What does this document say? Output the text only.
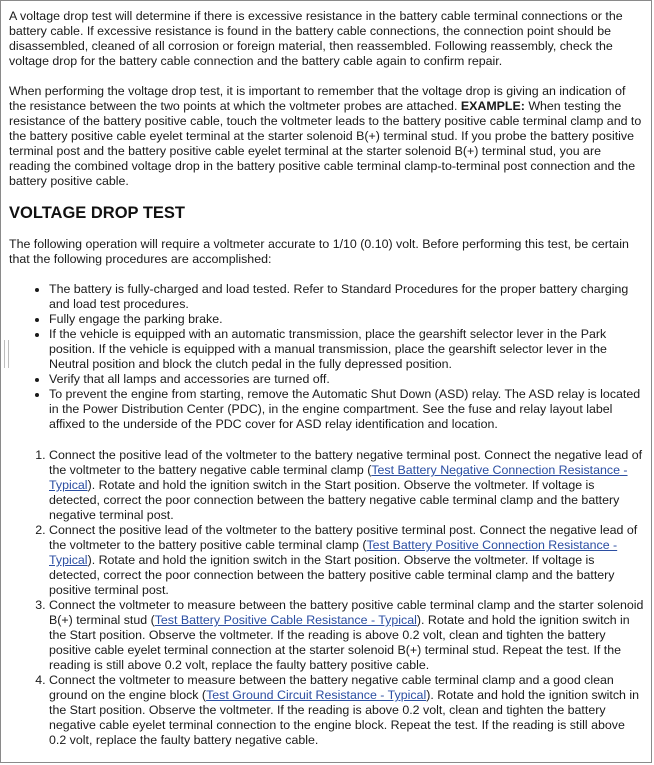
A voltage drop test will determine if there is excessive resistance in the battery cable terminal connections or the battery cable. If excessive resistance is found in the battery cable connections, the connection point should be disassembled, cleaned of all corrosion or foreign material, then reassembled. Following reassembly, check the voltage drop for the battery cable connection and the battery cable again to confirm repair.

When performing the voltage drop test, it is important to remember that the voltage drop is giving an indication of the resistance between the two points at which the voltmeter probes are attached. EXAMPLE: When testing the resistance of the battery positive cable, touch the voltmeter leads to the battery positive cable terminal clamp and to the battery positive cable eyelet terminal at the starter solenoid B(+) terminal stud. If you probe the battery positive terminal post and the battery positive cable eyelet terminal at the starter solenoid B(+) terminal stud, you are reading the combined voltage drop in the battery positive cable terminal clamp-to-terminal post connection and the battery positive cable.

VOLTAGE DROP TEST

The following operation will require a voltmeter accurate to 1/10 (0.10) volt. Before performing this test, be certain that the following procedures are accomplished:

• The battery is fully-charged and load tested. Refer to Standard Procedures for the proper battery charging and load test procedures.
• Fully engage the parking brake.
• If the vehicle is equipped with an automatic transmission, place the gearshift selector lever in the Park position. If the vehicle is equipped with a manual transmission, place the gearshift selector lever in the Neutral position and block the clutch pedal in the fully depressed position.
• Verify that all lamps and accessories are turned off.
• To prevent the engine from starting, remove the Automatic Shut Down (ASD) relay. The ASD relay is located in the Power Distribution Center (PDC), in the engine compartment. See the fuse and relay layout label affixed to the underside of the PDC cover for ASD relay identification and location.
1. Connect the positive lead of the voltmeter to the battery negative terminal post. Connect the negative lead of the voltmeter to the battery negative cable terminal clamp (Test Battery Negative Connection Resistance - Typical). Rotate and hold the ignition switch in the Start position. Observe the voltmeter. If voltage is detected, correct the poor connection between the battery negative cable terminal clamp and the battery negative terminal post.
2. Connect the positive lead of the voltmeter to the battery positive terminal post. Connect the negative lead of the voltmeter to the battery positive cable terminal clamp (Test Battery Positive Connection Resistance - Typical). Rotate and hold the ignition switch in the Start position. Observe the voltmeter. If voltage is detected, correct the poor connection between the battery positive cable terminal clamp and the battery positive terminal post.
3. Connect the voltmeter to measure between the battery positive cable terminal clamp and the starter solenoid B(+) terminal stud (Test Battery Positive Cable Resistance - Typical). Rotate and hold the ignition switch in the Start position. Observe the voltmeter. If the reading is above 0.2 volt, clean and tighten the battery positive cable eyelet terminal connection at the starter solenoid B(+) terminal stud. Repeat the test. If the reading is still above 0.2 volt, replace the faulty battery positive cable.
4. Connect the voltmeter to measure between the battery negative cable terminal clamp and a good clean ground on the engine block (Test Ground Circuit Resistance - Typical). Rotate and hold the ignition switch in the Start position. Observe the voltmeter. If the reading is above 0.2 volt, clean and tighten the battery negative cable eyelet terminal connection to the engine block. Repeat the test. If the reading is still above 0.2 volt, replace the faulty battery negative cable.
